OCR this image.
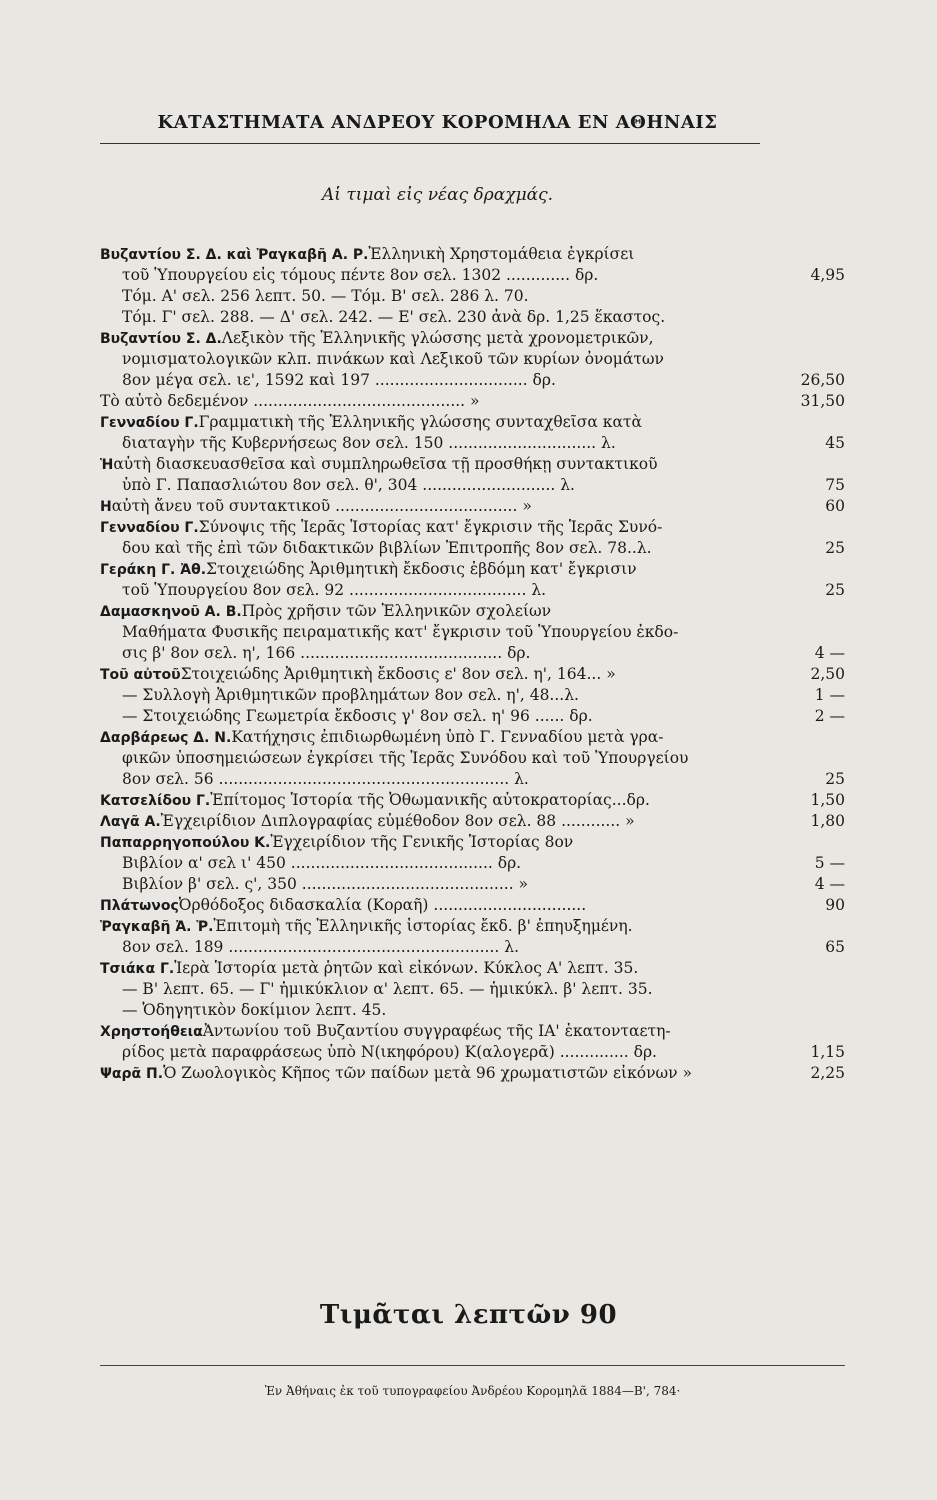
ΚΑΤΑΣΤΗΜΑΤΑ ΑΝΔΡΕΟΥ ΚΟΡΟΜΗΛΑ ΕΝ ΑΘΗΝΑΙΣ
Αἱ τιμαὶ εἰς νέας δραχμάς.
Βυζαντίου Σ. Δ. καὶ Ῥαγκαβῆ Α. Ρ.Ἑλληνικὴ Χρηστομάθεια ἐγκρίσει
τοῦ Ὑπουργείου εἰς τόμους πέντε 8ον σελ. 1302 ............. δρ.	4,95
Τόμ. Α' σελ. 256 λεπτ. 50. — Τόμ. Β' σελ. 286 λ. 70.
Τόμ. Γ' σελ. 288. — Δ' σελ. 242. — Ε' σελ. 230 ἀνὰ δρ. 1,25 ἕκαστος.
Βυζαντίου Σ. Δ.Λεξικὸν τῆς Ἑλληνικῆς γλώσσης μετὰ χρονομετρικῶν,
νομισματολογικῶν κλπ. πινάκων καὶ Λεξικοῦ τῶν κυρίων ὀνομάτων
8ον μέγα σελ. ιε', 1592 καὶ 197 ............................... δρ.	26,50
Τὸ αὐτὸ δεδεμένον ........................................... »	31,50
Γενναδίου Γ.Γραμματικὴ τῆς Ἑλληνικῆς γλώσσης συνταχθεῖσα κατὰ
διαταγὴν τῆς Κυβερνήσεως 8ον σελ. 150 .............................. λ.	45
Ἡαὐτὴ διασκευασθεῖσα καὶ συμπληρωθεῖσα τῇ προσθήκῃ συντακτικοῦ
ὑπὸ Γ. Παπασλιώτου 8ον σελ. θ', 304 ........................... λ.	75
Ηαὐτὴ ἄνευ τοῦ συντακτικοῦ ..................................... »	60
Γενναδίου Γ.Σύνοψις τῆς Ἱερᾶς Ἱστορίας κατ' ἔγκρισιν τῆς Ἱερᾶς Συνό-
δου καὶ τῆς ἐπὶ τῶν διδακτικῶν βιβλίων Ἐπιτροπῆς 8ον σελ. 78..λ.	25
Γεράκη Γ. Ἀθ.Στοιχειώδης Ἀριθμητικὴ ἔκδοσις ἑβδόμη κατ' ἔγκρισιν
τοῦ Ὑπουργείου 8ον σελ. 92 .................................... λ.	25
Δαμασκηνοῦ Α. Β.Πρὸς χρῆσιν τῶν Ἑλληνικῶν σχολείων
Μαθήματα Φυσικῆς πειραματικῆς κατ' ἔγκρισιν τοῦ Ὑπουργείου ἐκδο-
σις β' 8ον σελ. η', 166 ......................................... δρ.	4 —
Τοῦ αὐτοῦΣτοιχειώδης Ἀριθμητικὴ ἔκδοσις ε' 8ον σελ. η', 164... »	2,50
— Συλλογὴ Ἀριθμητικῶν προβλημάτων 8ον σελ. η', 48...λ.	1 —
— Στοιχειώδης Γεωμετρία ἔκδοσις γ' 8ον σελ. η' 96 ...... δρ.	2 —
Δαρβάρεως Δ. Ν.Κατήχησις ἐπιδιωρθωμένη ὑπὸ Γ. Γενναδίου μετὰ γρα-
φικῶν ὑποσημειώσεων ἐγκρίσει τῆς Ἱερᾶς Συνόδου καὶ τοῦ Ὑπουργείου
8ον σελ. 56 ........................................................... λ.	25
Κατσελίδου Γ.Ἐπίτομος Ἱστορία τῆς Ὀθωμανικῆς αὐτοκρατορίας...δρ.	1,50
Λαγᾶ Α.Ἐγχειρίδιον Διπλογραφίας εὐμέθοδον 8ον σελ. 88 ............ »	1,80
Παπαρρηγοπούλου Κ.Ἐγχειρίδιον τῆς Γενικῆς Ἱστορίας 8ον
Βιβλίον α' σελ ι' 450 ......................................... δρ.	5 —
Βιβλίον β' σελ. ς', 350 ........................................... »	4 —
ΠλάτωνοςὈρθόδοξος διδασκαλία (Κοραῆ) ...............................	90
Ῥαγκαβῆ Ἀ. Ῥ.Ἐπιτομὴ τῆς Ἑλληνικῆς ἱστορίας ἔκδ. β' ἐπηυξημένη.
8ον σελ. 189 ....................................................... λ.	65
Τσιάκα Γ.Ἱερὰ Ἱστορία μετὰ ῥητῶν καὶ εἰκόνων. Κύκλος Α' λεπτ. 35.
— Β' λεπτ. 65. — Γ' ἡμικύκλιον α' λεπτ. 65. — ἡμικύκλ. β' λεπτ. 35.
— Ὁδηγητικὸν δοκίμιον λεπτ. 45.
ΧρηστοήθειαἈντωνίου τοῦ Βυζαντίου συγγραφέως τῆς ΙΑ' ἑκατονταετη-
ρίδος μετὰ παραφράσεως ὑπὸ Ν(ικηφόρου) Κ(αλογερᾶ) .............. δρ.	1,15
Ψαρᾶ Π.Ὁ Ζωολογικὸς Κῆπος τῶν παίδων μετὰ 96 χρωματιστῶν εἰκόνων »	2,25
Τιμᾶται λεπτῶν 90
Ἐν Ἀθήναις ἐκ τοῦ τυπογραφείου Ἀνδρέου Κορομηλᾶ 1884—Β', 784·
